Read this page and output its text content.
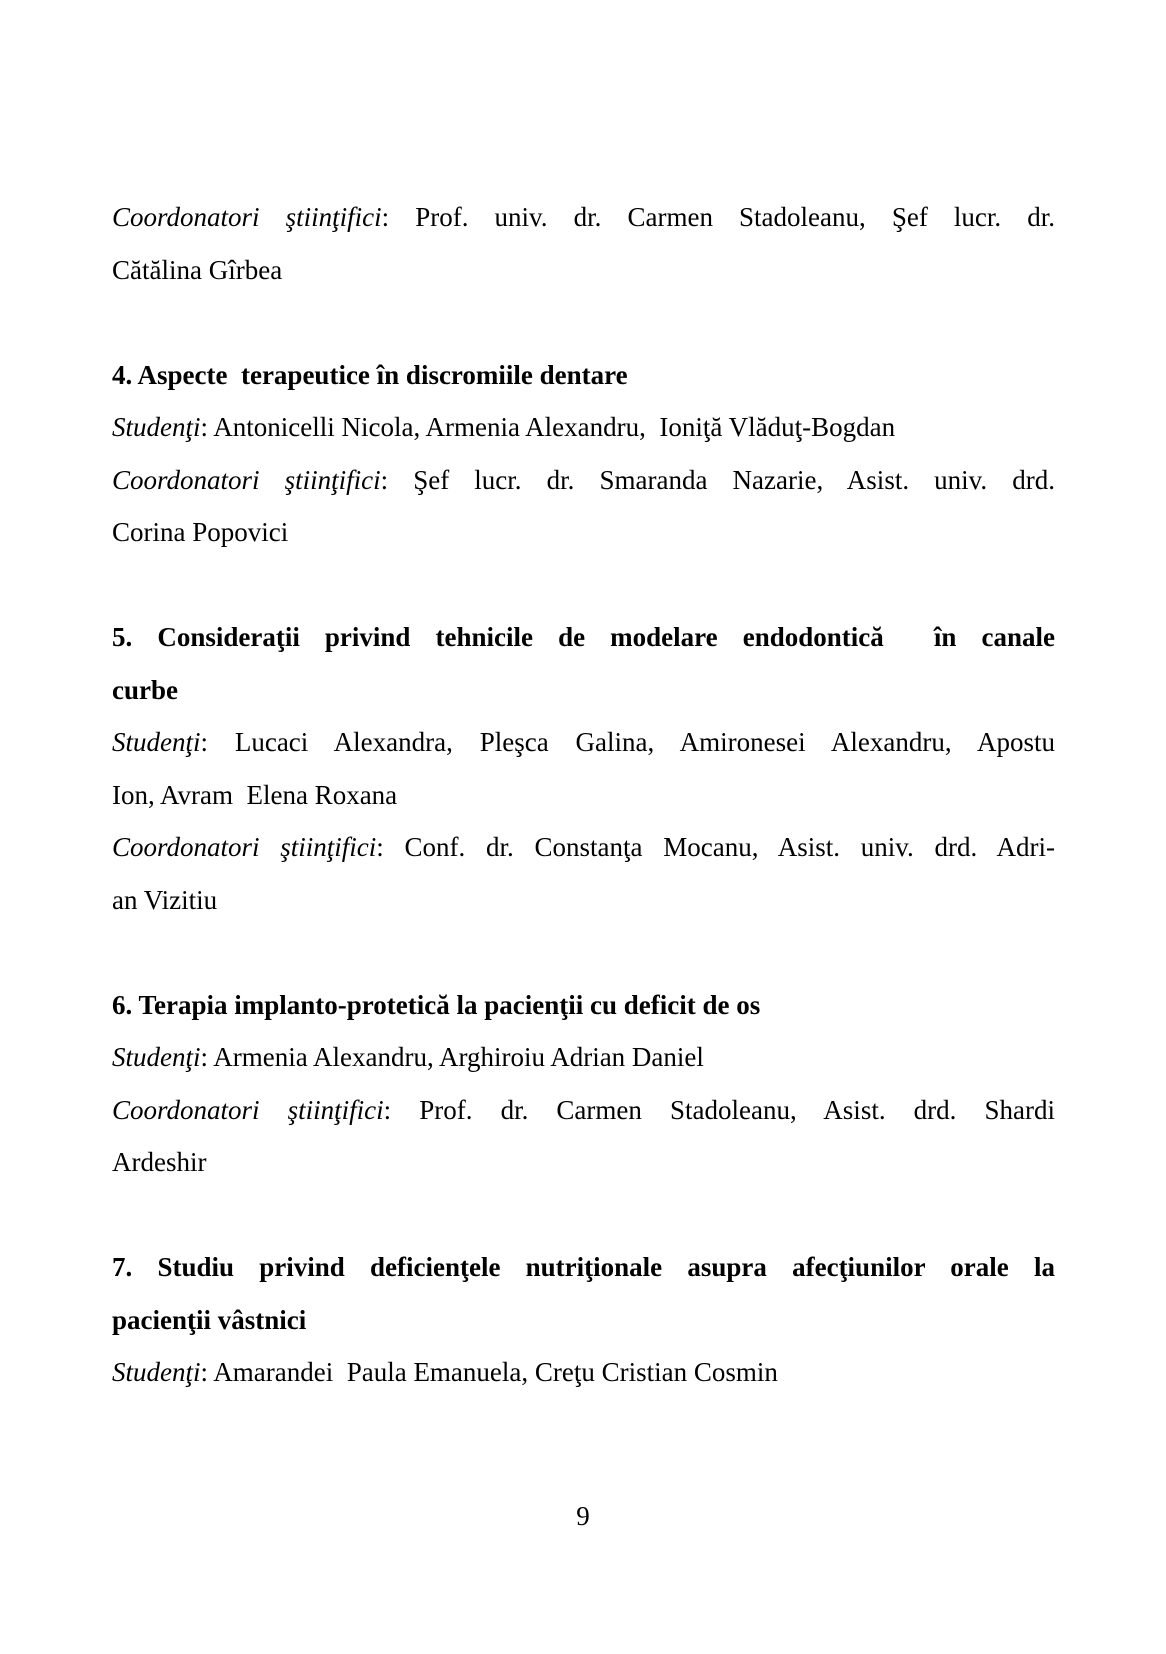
Coordonatori ştiinţifici: Prof. univ. dr. Carmen Stadoleanu, Şef lucr. dr.
Cătălina Gîrbea
4. Aspecte  terapeutice în discromiile dentare
Studenţi: Antonicelli Nicola, Armenia Alexandru,  Ioniţă Vlăduţ-Bogdan
Coordonatori ştiinţifici: Şef lucr. dr. Smaranda Nazarie, Asist. univ. drd.
Corina Popovici
5. Consideraţii privind tehnicile de modelare endodontică  în canale
curbe
Studenţi: Lucaci Alexandra, Pleşca Galina, Amironesei Alexandru, Apostu
Ion, Avram  Elena Roxana
Coordonatori ştiinţifici: Conf. dr. Constanţa Mocanu, Asist. univ. drd. Adri-
an Vizitiu
6. Terapia implanto-protetică la pacienţii cu deficit de os
Studenţi: Armenia Alexandru, Arghiroiu Adrian Daniel
Coordonatori ştiinţifici: Prof. dr. Carmen Stadoleanu, Asist. drd. Shardi
Ardeshir
7. Studiu privind deficienţele nutriţionale asupra afecţiunilor orale la
pacienţii vâstnici
Studenţi: Amarandei  Paula Emanuela, Creţu Cristian Cosmin
9
